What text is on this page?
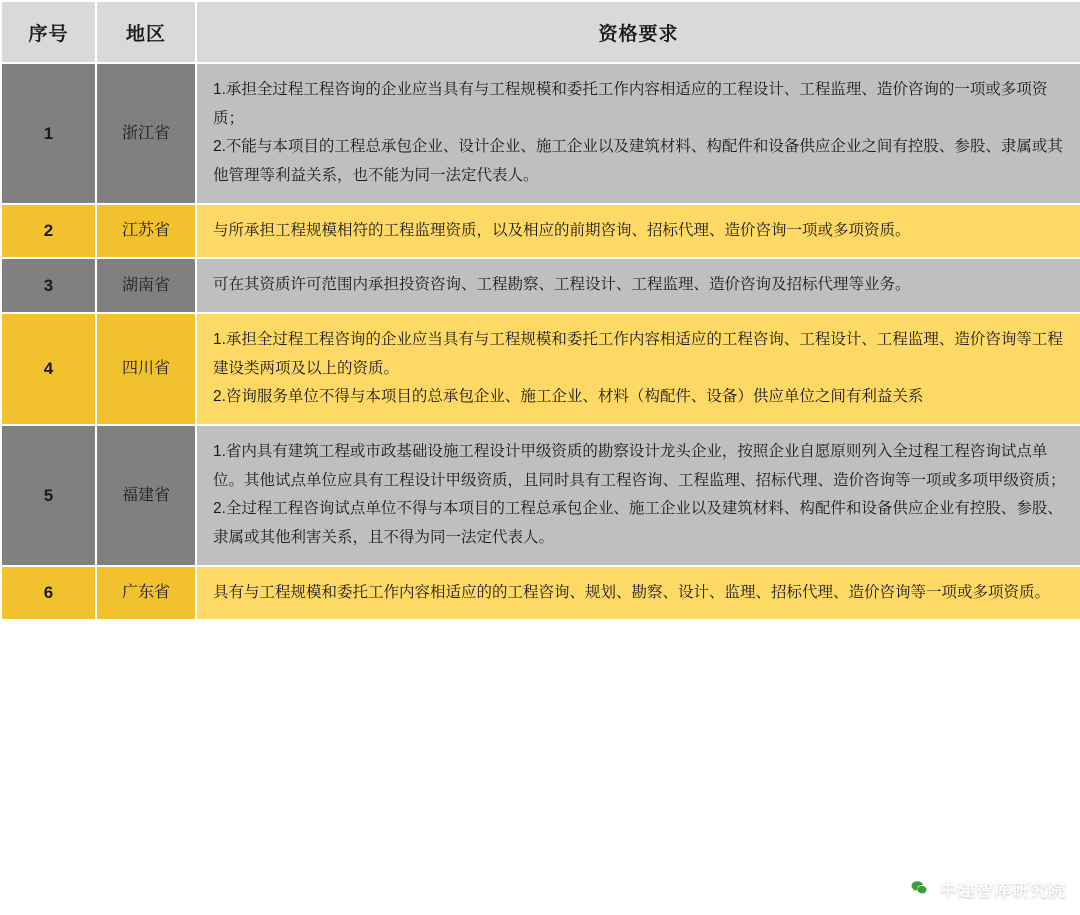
序号	地区	资格要求
1	浙江省	1.承担全过程工程咨询的企业应当具有与工程规模和委托工作内容相适应的工程设计、工程监理、造价咨询的一项或多项资质；

2.不能与本项目的工程总承包企业、设计企业、施工企业以及建筑材料、构配件和设备供应企业之间有控股、参股、隶属或其他管理等利益关系，也不能为同一法定代表人。

2	江苏省	与所承担工程规模相符的工程监理资质，以及相应的前期咨询、招标代理、造价咨询一项或多项资质。

3	湖南省	可在其资质许可范围内承担投资咨询、工程勘察、工程设计、工程监理、造价咨询及招标代理等业务。

4	四川省	1.承担全过程工程咨询的企业应当具有与工程规模和委托工作内容相适应的工程咨询、工程设计、工程监理、造价咨询等工程建设类两项及以上的资质。

2.咨询服务单位不得与本项目的总承包企业、施工企业、材料（构配件、设备）供应单位之间有利益关系

5	福建省	1.省内具有建筑工程或市政基础设施工程设计甲级资质的勘察设计龙头企业，按照企业自愿原则列入全过程工程咨询试点单位。其他试点单位应具有工程设计甲级资质，且同时具有工程咨询、工程监理、招标代理、造价咨询等一项或多项甲级资质；

2.全过程工程咨询试点单位不得与本项目的工程总承包企业、施工企业以及建筑材料、构配件和设备供应企业有控股、参股、隶属或其他利害关系，且不得为同一法定代表人。

6	广东省	具有与工程规模和委托工作内容相适应的的工程咨询、规划、勘察、设计、监理、招标代理、造价咨询等一项或多项资质。

中建智库研究院
